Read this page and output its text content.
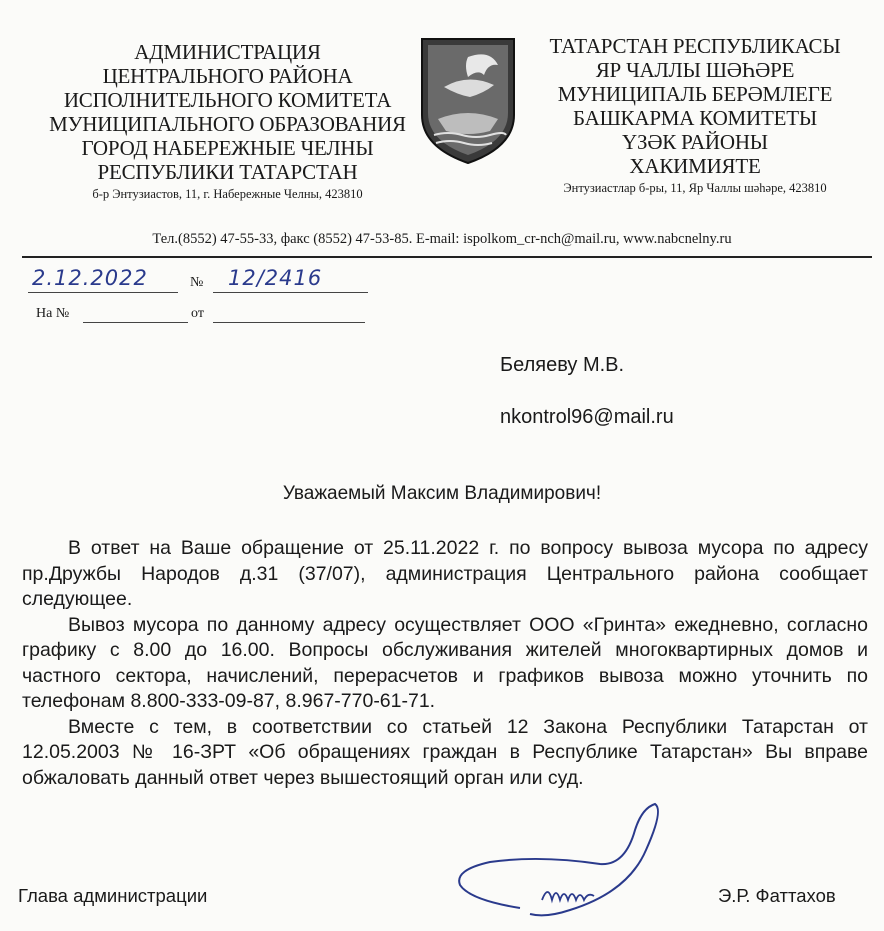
АДМИНИСТРАЦИЯ
ЦЕНТРАЛЬНОГО РАЙОНА
ИСПОЛНИТЕЛЬНОГО КОМИТЕТА
МУНИЦИПАЛЬНОГО ОБРАЗОВАНИЯ
ГОРОД НАБЕРЕЖНЫЕ ЧЕЛНЫ
РЕСПУБЛИКИ ТАТАРСТАН
б-р Энтузиастов, 11, г. Набережные Челны, 423810
ТАТАРСТАН РЕСПУБЛИКАСЫ
ЯР ЧАЛЛЫ ШӘҺӘРЕ
МУНИЦИПАЛЬ БЕРӘМЛЕГЕ
БАШКАРМА КОМИТЕТЫ
ҮЗӘК РАЙОНЫ
ХАКИМИЯТЕ
Энтузиастлар б-ры, 11, Яр Чаллы шәһәре, 423810
Тел.(8552) 47-55-33, факс (8552) 47-53-85. E-mail: ispolkom_cr-nch@mail.ru, www.nabcnelny.ru
2.12.2022	№ 12/2416
На №	от
Беляеву М.В.
nkontrol96@mail.ru
Уважаемый Максим Владимирович!

В ответ на Ваше обращение от 25.11.2022 г. по вопросу вывоза мусора по адресу пр.Дружбы Народов д.31 (37/07), администрация Центрального района сообщает следующее.

Вывоз мусора по данному адресу осуществляет ООО «Гринта» ежедневно, согласно графику с 8.00 до 16.00. Вопросы обслуживания жителей многоквартирных домов и частного сектора, начислений, перерасчетов и графиков вывоза можно уточнить по телефонам 8.800-333-09-87, 8.967-770-61-71.

Вместе с тем, в соответствии со статьей 12 Закона Республики Татарстан от 12.05.2003 № 16-ЗРТ «Об обращениях граждан в Республике Татарстан» Вы вправе обжаловать данный ответ через вышестоящий орган или суд.

Глава администрации	Э.Р. Фаттахов
